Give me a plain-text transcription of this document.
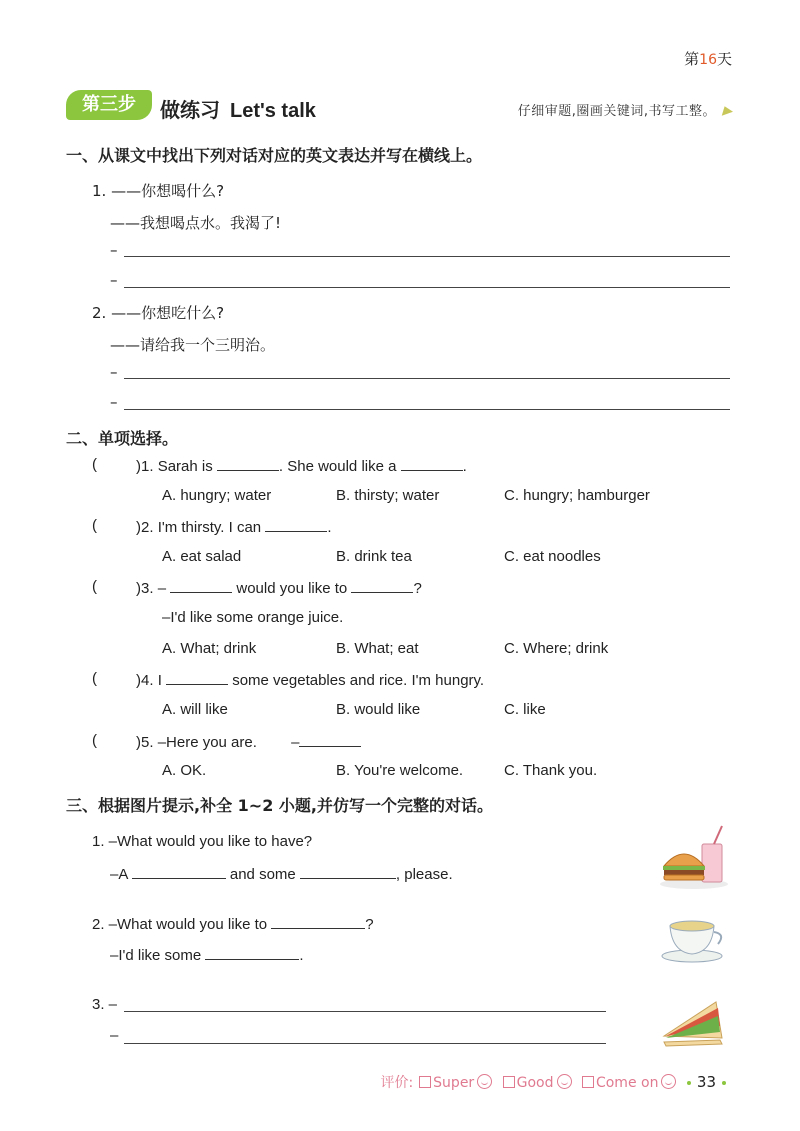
第16天
第三步	做练习 Let's talk	仔细审题,圈画关键词,书写工整。
一、从课文中找出下列对话对应的英文表达并写在横线上。
1. ——你想喝什么?
——我想喝点水。我渴了!
–
–
2. ——你想吃什么?
——请给我一个三明治。
–
–
二、单项选择。
(	)1. Sarah is	. She would like a	.
A. hungry; water	B. thirsty; water	C. hungry; hamburger
(	)2. I'm thirsty. I can	.
A. eat salad	B. drink tea	C. eat noodles
(	)3. –	would you like to	?
–I'd like some orange juice.
A. What; drink	B. What; eat	C. Where; drink
(	)4. I	some vegetables and rice. I'm hungry.
A. will like	B. would like	C. like
(	)5. –Here you are. –
A. OK.	B. You're welcome.	C. Thank you.
三、根据图片提示,补全 1~2 小题,并仿写一个完整的对话。
1. –What would you like to have?
–A	and some	, please.
2. –What would you like to	?
–I'd like some	.
3. –
–
评价: Super	Good	Come on	33
